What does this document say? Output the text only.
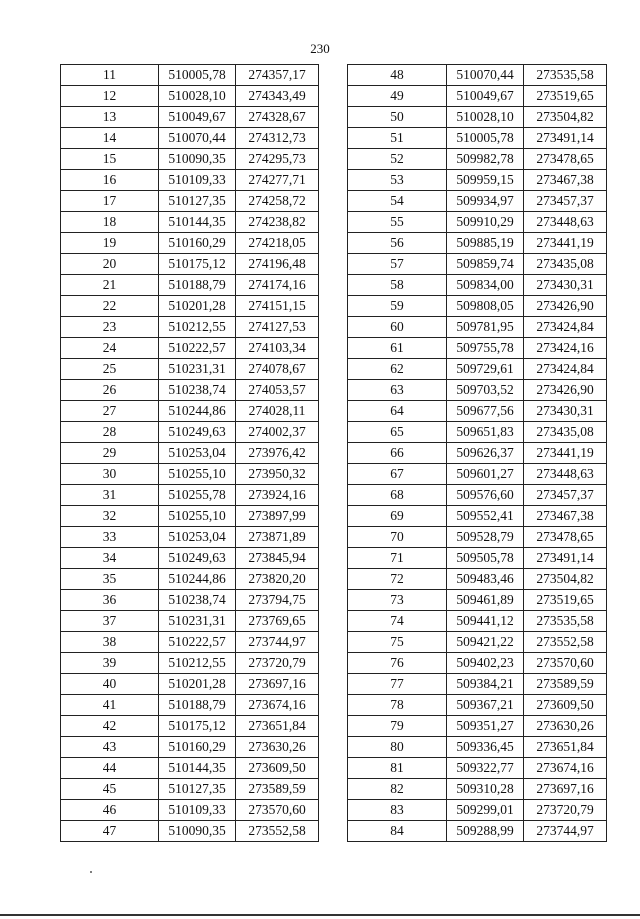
230
11	510005,78	274357,17
12	510028,10	274343,49
13	510049,67	274328,67
14	510070,44	274312,73
15	510090,35	274295,73
16	510109,33	274277,71
17	510127,35	274258,72
18	510144,35	274238,82
19	510160,29	274218,05
20	510175,12	274196,48
21	510188,79	274174,16
22	510201,28	274151,15
23	510212,55	274127,53
24	510222,57	274103,34
25	510231,31	274078,67
26	510238,74	274053,57
27	510244,86	274028,11
28	510249,63	274002,37
29	510253,04	273976,42
30	510255,10	273950,32
31	510255,78	273924,16
32	510255,10	273897,99
33	510253,04	273871,89
34	510249,63	273845,94
35	510244,86	273820,20
36	510238,74	273794,75
37	510231,31	273769,65
38	510222,57	273744,97
39	510212,55	273720,79
40	510201,28	273697,16
41	510188,79	273674,16
42	510175,12	273651,84
43	510160,29	273630,26
44	510144,35	273609,50
45	510127,35	273589,59
46	510109,33	273570,60
47	510090,35	273552,58
48	510070,44	273535,58
49	510049,67	273519,65
50	510028,10	273504,82
51	510005,78	273491,14
52	509982,78	273478,65
53	509959,15	273467,38
54	509934,97	273457,37
55	509910,29	273448,63
56	509885,19	273441,19
57	509859,74	273435,08
58	509834,00	273430,31
59	509808,05	273426,90
60	509781,95	273424,84
61	509755,78	273424,16
62	509729,61	273424,84
63	509703,52	273426,90
64	509677,56	273430,31
65	509651,83	273435,08
66	509626,37	273441,19
67	509601,27	273448,63
68	509576,60	273457,37
69	509552,41	273467,38
70	509528,79	273478,65
71	509505,78	273491,14
72	509483,46	273504,82
73	509461,89	273519,65
74	509441,12	273535,58
75	509421,22	273552,58
76	509402,23	273570,60
77	509384,21	273589,59
78	509367,21	273609,50
79	509351,27	273630,26
80	509336,45	273651,84
81	509322,77	273674,16
82	509310,28	273697,16
83	509299,01	273720,79
84	509288,99	273744,97
